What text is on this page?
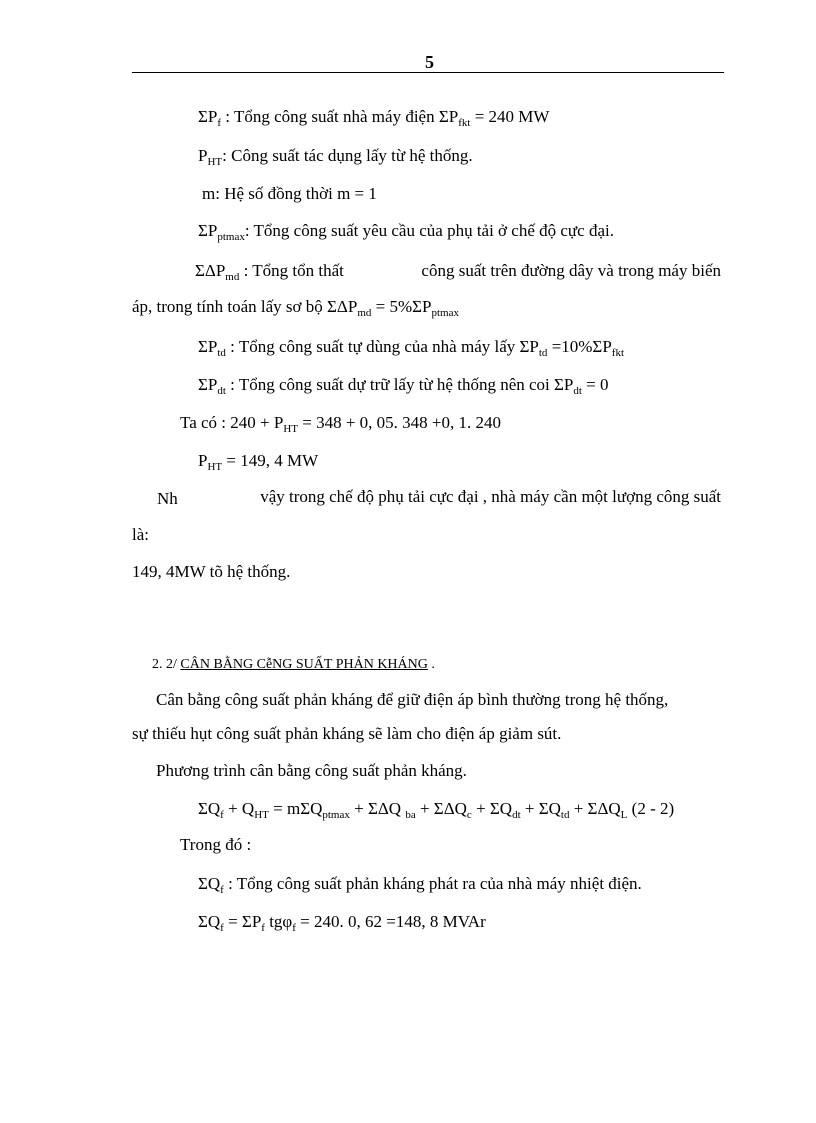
5
$\Sigma P_f$ : Tổng công suất nhà máy điện $\Sigma P_{fkt} = 240$ MW
$P_{HT}$: Công suất tác dụng lấy từ hệ thống.
m: Hệ số đồng thời m = 1
$\Sigma P_{ptmax}$: Tổng công suất yêu cầu của phụ tải ở chế độ cực đại.
$\Sigma\Delta P_{md}$ : Tổng tổn thất	công suất trên đường dây và trong máy biến
áp, trong tính toán lấy sơ bộ $\Sigma\Delta P_{md} = 5\%\Sigma P_{ptmax}$
$\Sigma P_{td}$ : Tổng công suất tự dùng của nhà máy lấy $\Sigma P_{td} =10\%\Sigma P_{fkt}$
$\Sigma P_{dt}$ : Tổng công suất dự trữ lấy từ hệ thống nên coi $\Sigma P_{dt} = 0$
Ta có : $240 + P_{HT} = 348 + 0$, 05. 348 +0, 1. 240
$P_{HT} = 149$, 4 MW
Nh	vậy trong chế độ phụ tải cực đại , nhà máy cần một lượng công suất
là:
149, 4MW tõ hệ thống.
2. 2/ CÂN BẰNG CễNG SUẤT PHẢN KHÁNG .
Cân bằng công suất phản kháng để giữ điện áp bình thường trong hệ thống,
sự thiếu hụt công suất phản kháng sẽ làm cho điện áp giảm sút.
Phương trình cân bằng công suất phản kháng.
$\Sigma Q_f + Q_{HT} = m\Sigma Q_{ptmax} + \Sigma\Delta Q$ $_{ba} + \Sigma\Delta Q_c + \Sigma Q_{dt} + \Sigma Q_{td} + \Sigma\Delta Q_L$ (2 - 2)
Trong đó :
$\Sigma Q_f$ : Tổng công suất phản kháng phát ra của nhà máy nhiệt điện.
$\Sigma Q_f = \Sigma P_f$ tgφ$_f$ = 240. 0, 62 =148, 8 MVAr
